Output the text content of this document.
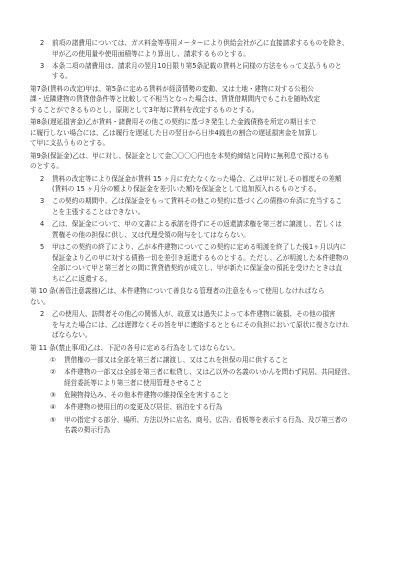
2	前項の諸費用については、ガス料金等専用メーターにより供給会社が乙に直接請求するものを除き、
甲が乙の使用量や使用面積等により算出し、請求するものとする。
3	本条二項の諸費用は、請求月の翌月10日限り第5条記載の賃料と同様の方法をもって支払うものと
する。
第7条(賃料の改定)甲は、第5条に定める賃料が経済情勢の変動、又は土地・建物に対する公租公
課・近隣建物の賃貸借条件等と比較して不相当となった場合は、賃貸借期間内でもこれを随時改定
することができるものとし、原則として3年毎に賃料を改定するものとする。
第8条(遅延損害金)乙が賃料・諸費用その他この契約に基づき発生した金銭債務を所定の期日まで
に履行しない場合には、乙は履行を遅延した日の翌日から日歩4銭也の割合の遅延損害金を加算し
て甲に支払うものとする。
第9条(保証金)乙は、甲に対し、保証金として金〇〇〇〇円也を本契約締結と同時に無利息で預けるも
のとする。
2	賃料の改定等により保証金が賃料 15 ヶ月に充たなくなった場合、乙は甲に対しその都度その差額
(賃料の 15 ヶ月分の額より保証金を差引いた額)を保証金として追加預入れるものとする。
3	この契約の期間中、乙は保証金をもって賃料その他この契約に基づく乙の債務の弁済に充当するこ
とを主張することはできない。
4	乙は、保証金について、甲の文書による承諾を得ずにその返還請求権を第三者に譲渡し、若しくは
質権その他の担保に供し、又は代理受領の附与をしてはならない。
5	甲はこの契約の終了により、乙が本件建物についてこの契約に定める明渡を終了した後1ヶ月以内に
保証金より乙の甲に対する債務一切を差引き返還するものとする。ただし、乙が明渡した本件建物の
全部について甲と第三者との間に賃貸借契約が成立し、甲が新たに保証金の預託を受けたときは直
ちに乙に返還する。
第 10 条(善管注意義務)乙は、本件建物について善良なる管理者の注意をもって使用しなければなら
ない。
2	乙の使用人、訪問者その他乙の関係人が、故意又は過失によって本件建物に破損、その他の損害
を与えた場合には、乙は遅滞なくその旨を甲に連絡するとともにその負担において原状に復さなけれ
ばならない。
第 11 条(禁止事項)乙は、下記の各号に定める行為をしてはならない。
①	賃借権の一部又は全部を第三者に譲渡し、又はこれを担保の用に供すること
②	本件建物の一部又は全部を第三者に転貸し、又は乙以外の名義のいかんを問わず同居、共同経営、
経営委託等により第三者に使用管理させること
③	危険物持込み、その他本件建物の維持保全を害すること
④	本件建物の使用目的の変更及び居住、宿泊をする行為
⑤	甲の指定する部分、場所、方法以外に店名、商号、広告、看板等を表示する行為、及び第三者の
名義の掲示行為
